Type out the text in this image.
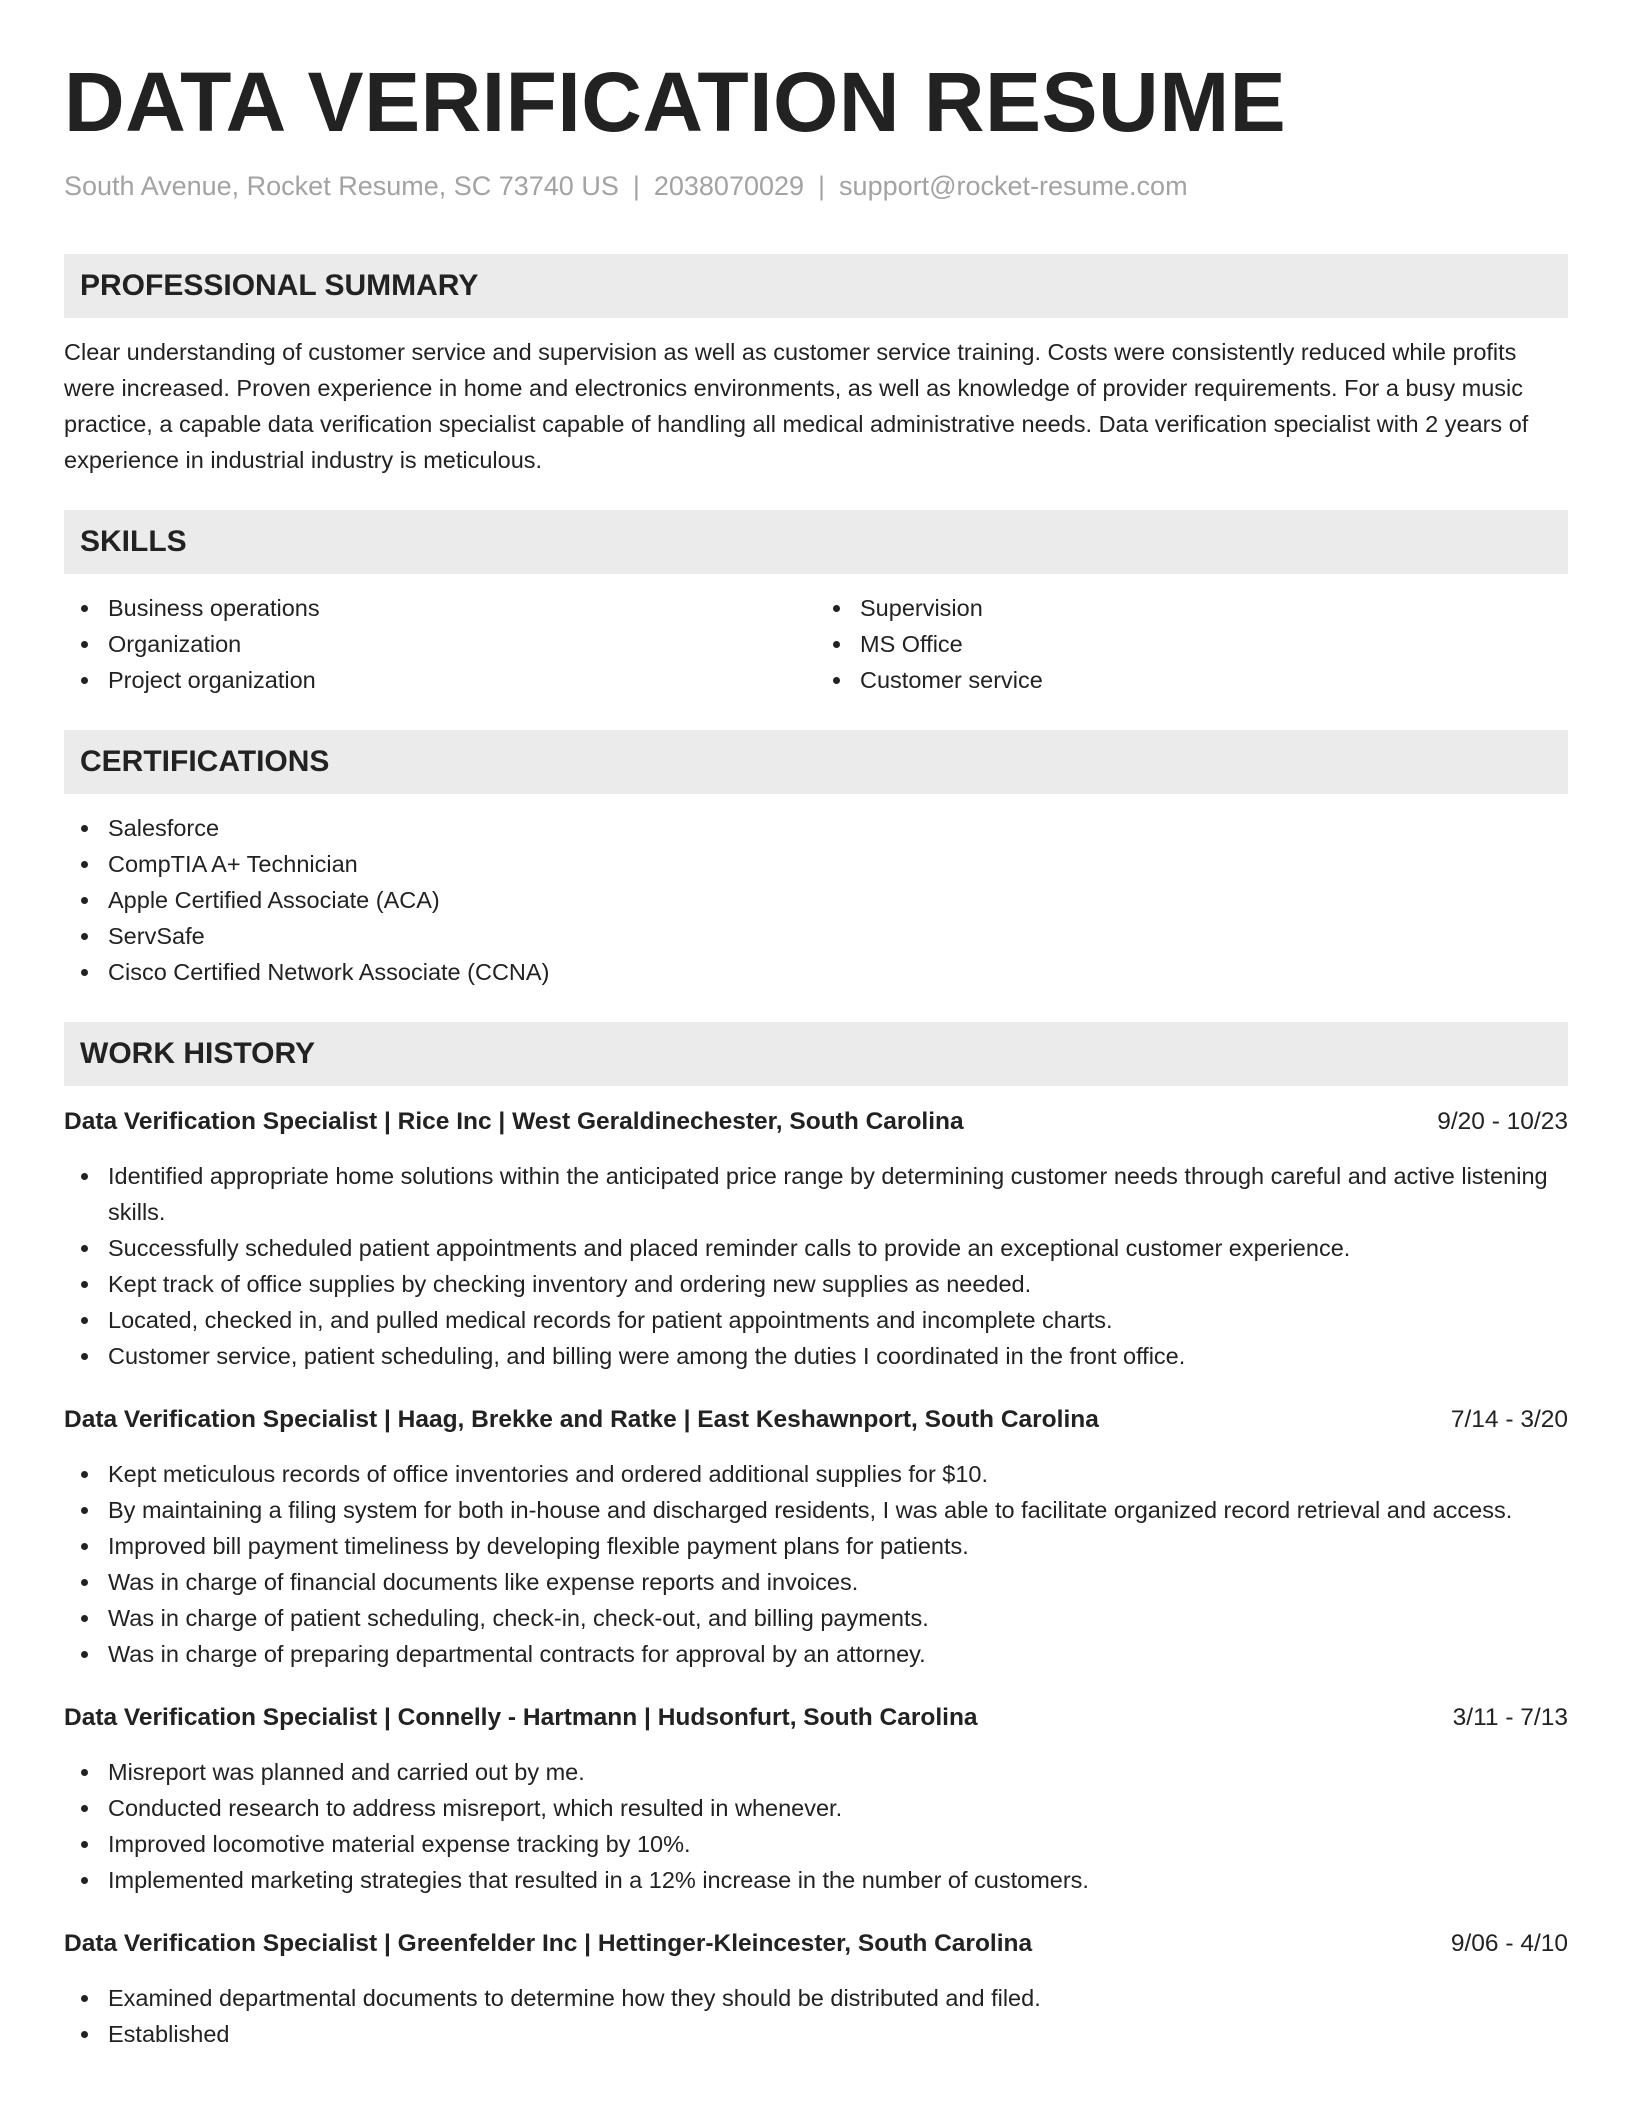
DATA VERIFICATION RESUME
South Avenue, Rocket Resume, SC 73740 US | 2038070029 | support@rocket-resume.com
PROFESSIONAL SUMMARY

Clear understanding of customer service and supervision as well as customer service training. Costs were consistently reduced while profits were increased. Proven experience in home and electronics environments, as well as knowledge of provider requirements. For a busy music practice, a capable data verification specialist capable of handling all medical administrative needs. Data verification specialist with 2 years of experience in industrial industry is meticulous.

SKILLS
Business operations
Organization
Project organization
Supervision
MS Office
Customer service
CERTIFICATIONS
Salesforce
CompTIA A+ Technician
Apple Certified Associate (ACA)
ServSafe
Cisco Certified Network Associate (CCNA)
WORK HISTORY
Data Verification Specialist | Rice Inc | West Geraldinechester, South Carolina	9/20 - 10/23
Identified appropriate home solutions within the anticipated price range by determining customer needs through careful and active listening skills.
Successfully scheduled patient appointments and placed reminder calls to provide an exceptional customer experience.
Kept track of office supplies by checking inventory and ordering new supplies as needed.
Located, checked in, and pulled medical records for patient appointments and incomplete charts.
Customer service, patient scheduling, and billing were among the duties I coordinated in the front office.
Data Verification Specialist | Haag, Brekke and Ratke | East Keshawnport, South Carolina	7/14 - 3/20
Kept meticulous records of office inventories and ordered additional supplies for $10.
By maintaining a filing system for both in-house and discharged residents, I was able to facilitate organized record retrieval and access.
Improved bill payment timeliness by developing flexible payment plans for patients.
Was in charge of financial documents like expense reports and invoices.
Was in charge of patient scheduling, check-in, check-out, and billing payments.
Was in charge of preparing departmental contracts for approval by an attorney.
Data Verification Specialist | Connelly - Hartmann | Hudsonfurt, South Carolina	3/11 - 7/13
Misreport was planned and carried out by me.
Conducted research to address misreport, which resulted in whenever.
Improved locomotive material expense tracking by 10%.
Implemented marketing strategies that resulted in a 12% increase in the number of customers.
Data Verification Specialist | Greenfelder Inc | Hettinger-Kleincester, South Carolina	9/06 - 4/10
Examined departmental documents to determine how they should be distributed and filed.
Established
